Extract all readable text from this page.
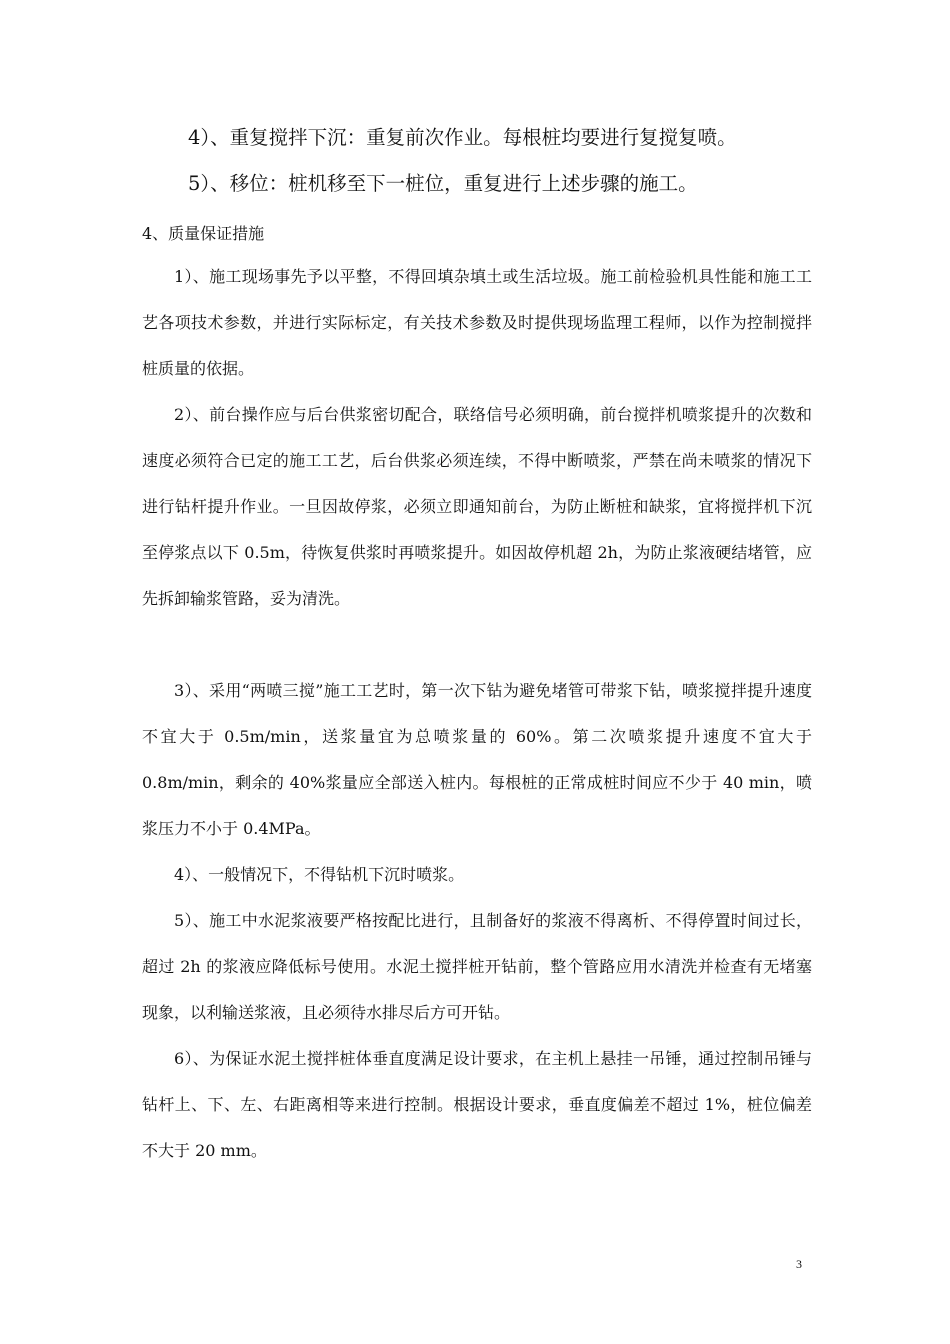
4）、重复搅拌下沉：重复前次作业。每根桩均要进行复搅复喷。
5）、移位：桩机移至下一桩位，重复进行上述步骤的施工。
4、质量保证措施
1）、施工现场事先予以平整，不得回填杂填土或生活垃圾。施工前检验机具性能和施工工艺各项技术参数，并进行实际标定，有关技术参数及时提供现场监理工程师，以作为控制搅拌桩质量的依据。
2）、前台操作应与后台供浆密切配合，联络信号必须明确，前台搅拌机喷浆提升的次数和速度必须符合已定的施工工艺，后台供浆必须连续，不得中断喷浆，严禁在尚未喷浆的情况下进行钻杆提升作业。一旦因故停浆，必须立即通知前台，为防止断桩和缺浆，宜将搅拌机下沉至停浆点以下 0.5m，待恢复供浆时再喷浆提升。如因故停机超 2h，为防止浆液硬结堵管，应先拆卸输浆管路，妥为清洗。
3）、采用“两喷三搅”施工工艺时，第一次下钻为避免堵管可带浆下钻，喷浆搅拌提升速度不宜大于 0.5m/min，送浆量宜为总喷浆量的 60%。第二次喷浆提升速度不宜大于 0.8m/min，剩余的 40%浆量应全部送入桩内。每根桩的正常成桩时间应不少于 40 min，喷浆压力不小于 0.4MPa。
4）、一般情况下，不得钻机下沉时喷浆。
5）、施工中水泥浆液要严格按配比进行，且制备好的浆液不得离析、不得停置时间过长，超过 2h 的浆液应降低标号使用。水泥土搅拌桩开钻前，整个管路应用水清洗并检查有无堵塞现象，以利输送浆液，且必须待水排尽后方可开钻。
6）、为保证水泥土搅拌桩体垂直度满足设计要求，在主机上悬挂一吊锤，通过控制吊锤与钻杆上、下、左、右距离相等来进行控制。根据设计要求，垂直度偏差不超过 1%，桩位偏差不大于 20 mm。
3
